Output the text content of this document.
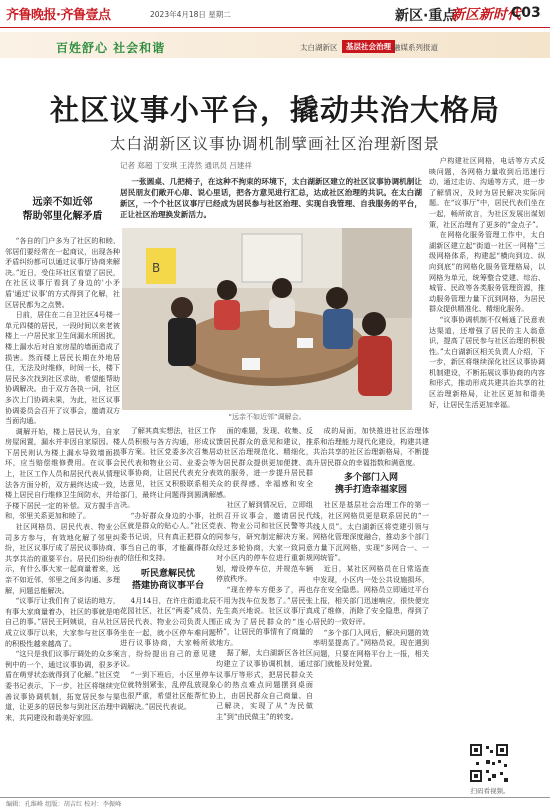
齐鲁晚报·齐鲁壹点	2023年4月18日 星期二	新区·重点
新区新时代
C03
百姓舒心 社会和谐	太白湖新区	基层社会治理 融媒系列报道
社区议事小平台，撬动共治大格局
太白湖新区议事协调机制擘画社区治理新图景
记者 郑超 丁安琪 王涛然 通讯员 吕建祥
一张圆桌、几把椅子，在这种不拘束的环境下，太白湖新区建立的社区议事协调机制让居民朋友们敞开心扉、说心里话，把各方意见进行汇总，达成社区治理的共识。在太白湖新区，一个个社区议事厅已经成为居民参与社区治理、实现自我管理、自我服务的平台，正让社区治理换发新活力。
远亲不如近邻
帮助邻里化解矛盾

“各自的门户多为了社区的和睦、邻居们要经常在一起商议，出现各种矛盾纠纷都可以通过议事厅协商来解决。”近日，受住环社区看望了居民，在社区议事厅看到了身边的'小矛盾'通过'议事'的方式得到了化解，社区居民都为之点赞。

日前，居住在二自卫社区4号楼一单元四楼的居民，一段时间以来老被楼上一户居民家卫生间漏水所困扰，楼上漏水后对自家房屋的墙面造成了损害。然而楼上居民长期在外地居住，无法及时维修，时间一长，楼下居民多次找到社区求助，希望能帮助协调解决。由于双方各执一词，社区多次上门协调未果，为此，社区议事协调委员会召开了议事会，邀请双方当面沟通。

调解开始，楼上居民认为，自家房屋闲置，漏水并非因自家原因。楼下居民则认为楼上漏水导致墙面损坏，应当赔偿维修费用。在议事会上，社区工作人员和居民代表从情理法各方面分析，双方最终达成一致，楼上居民自行维修卫生间防水，并给予楼下居民一定的补偿。双方握手言和，邻里关系更加和睦了。

社区网格员、居民代表、物业公司多方参与，有效地化解了邻里纠纷，社区议事厅成了居民议事协商、共享共治的重要平台。居民们纷纷表示，有什么事大家一起商量着来，远亲不如近邻，邻里之间多沟通、多理解，问题总能解决。

“议事厅让我们有了说话的地方，有事大家商量着办，社区的事就是咱自己的事。”居民王阿姨说，自从社区成立议事厅以来，大家参与社区事务的积极性越来越高了。

“这只是我们议事厅调处的众多案例中的一个，通过议事协调，很多矛盾在萌芽状态就得到了化解。”社区党委书记表示，下一步，社区将继续完善议事协调机制，拓宽居民参与渠道，让更多的居民参与到社区治理中来，共同建设和谐美好家园。

B
“远亲不如近邻”调解会。

了解其真实想法，社区工作人员积极与各方沟通，形成议事方案。社区党委多次召集居民代表和物业公司、业委会等议事协商，让居民代表充分表达意见，社区又积极联系相关部门，最终让问题得到圆满解决。

“办好群众身边的小事，社区就是群众的贴心人。”社区党委书记说，只有真正把群众的事当自己的事，才能赢得群众的信任和支持。

听民意解民忧
搭建协商议事平台

4月14日，在许庄街道北辰花园社区，社区“两委”成员、居民代表、物业公司负责人围坐在一起，就小区停车难问题进行议事协商，大家畅所欲言，纷纷提出自己的意见建议。

“一到下班后，小区里停车位就特别紧张，乱停乱放现象也很严重，希望社区能帮忙协调解决。”居民代表说。

面的难题，发现、收集、反馈居民群众的意见和建议，推动社区治理规范化、精细化，为居民群众提供更加便捷、高效的服务，进一步提升居民群众的获得感、幸福感和安全感。

社区了解到情况后，立即组织召开议事会，邀请居民代表、物业公司和社区民警等共同参与，研究制定解决方案。经过多轮协商，大家一致同意对小区内的停车位进行重新规划，增设停车位，并规范车辆停放秩序。

“现在停车方便多了，再也不用为找车位发愁了。”居民张先生高兴地说。社区议事厅真正成为了居民群众的“连心桥”，让居民的事情有了商量的地方。

据了解，太白湖新区各社区均建立了议事协调机制，通过议事厅等形式，把居民群众关心的热点难点问题摆到桌面上，由居民群众自己商量、自己解决，实现了从“为民做主”到“由民做主”的转变。

成的局面，加快推进社区治理体系和治理能力现代化建设，构建共建共治共享的社区治理新格局，不断提升居民群众的幸福指数和满意度。

多个部门入网
携手打造幸福家园

社区是基层社会治理工作的第一线，社区网格员更是联系居民的“一线人员”。太白湖新区将党建引领与网格化管理深度融合，推动多个部门力量下沉网格，实现“多网合一、一网统管”。

近日，某社区网格员在日常巡查中发现，小区内一处公共设施损坏，存在安全隐患。网格员立即通过平台上报，相关部门迅速响应，很快便完成了维修，消除了安全隐患，得到了居民的一致好评。

“多个部门入网后，解决问题的效率明显提高了。”网格员说，现在遇到问题，只要在网格平台上一报，相关部门就能及时处置。

户构建社区网格，电话等方式反映问题，各网格力量收到后迅速行动，通过走访、沟通等方式，进一步了解情况，及时为居民解决实际问题。在“议事厅”中，居民代表们坐在一起，畅所欲言，为社区发展出谋划策，社区治理有了更多的“金点子”。

在网格化服务管理工作中，太白湖新区建立起“街道一社区一网格”三级网格体系，构建起“横向到边、纵向到底”的网格化服务管理格局，以网格为单元，统筹整合党建、综治、城管、民政等各类服务管理资源，推动服务管理力量下沉到网格，为居民群众提供精准化、精细化服务。

“议事协调机制不仅畅通了民意表达渠道，还增强了居民的主人翁意识，提高了居民参与社区治理的积极性。”太白湖新区相关负责人介绍，下一步，新区将继续深化社区议事协调机制建设，不断拓展议事协商的内容和形式，推动形成共建共治共享的社区治理新格局，让社区更加和谐美好，让居民生活更加幸福。

扫码看视频。
编辑：孔维峰 组版：胡吉红 校对：李振峰
